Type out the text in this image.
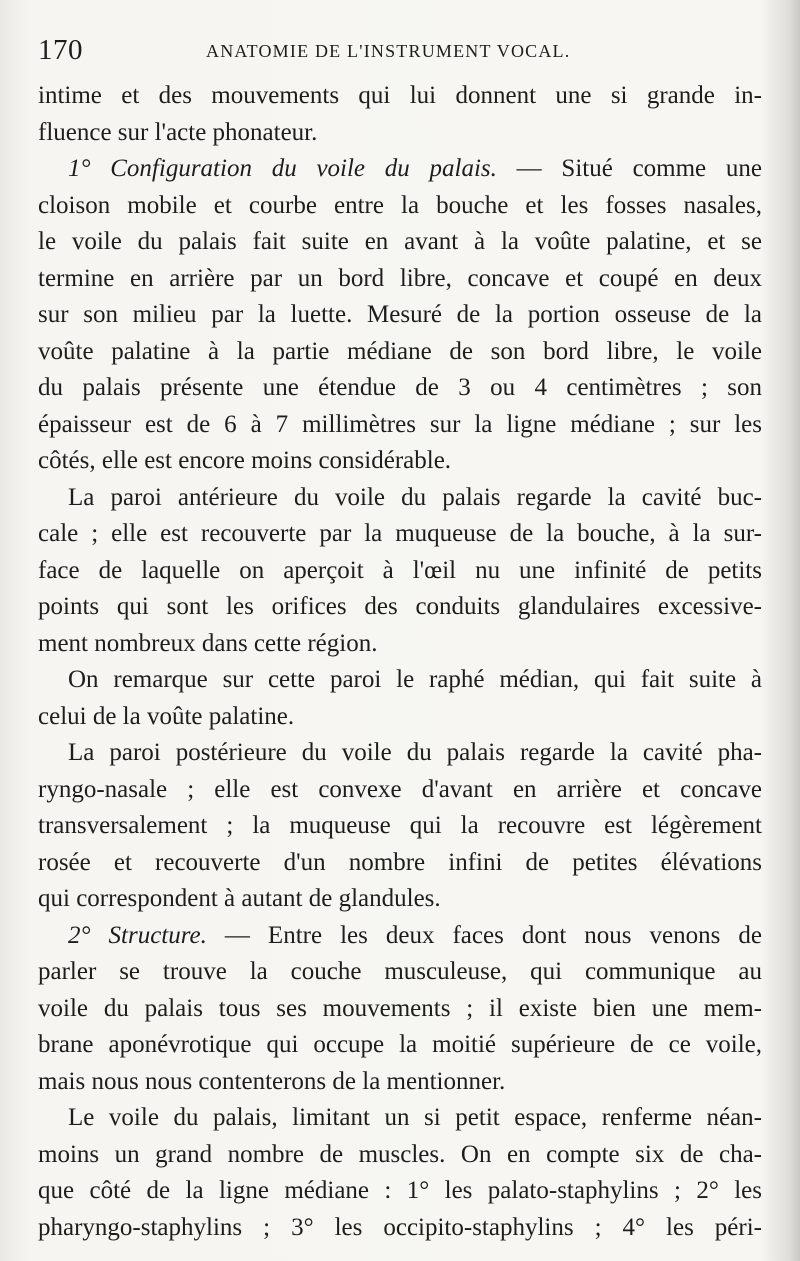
170	ANATOMIE DE L'INSTRUMENT VOCAL.
intime et des mouvements qui lui donnent une si grande in-
fluence sur l'acte phonateur.
1° Configuration du voile du palais. — Situé comme une
cloison mobile et courbe entre la bouche et les fosses nasales,
le voile du palais fait suite en avant à la voûte palatine, et se
termine en arrière par un bord libre, concave et coupé en deux
sur son milieu par la luette. Mesuré de la portion osseuse de la
voûte palatine à la partie médiane de son bord libre, le voile
du palais présente une étendue de 3 ou 4 centimètres ; son
épaisseur est de 6 à 7 millimètres sur la ligne médiane ; sur les
côtés, elle est encore moins considérable.
La paroi antérieure du voile du palais regarde la cavité buc-
cale ; elle est recouverte par la muqueuse de la bouche, à la sur-
face de laquelle on aperçoit à l'œil nu une infinité de petits
points qui sont les orifices des conduits glandulaires excessive-
ment nombreux dans cette région.
On remarque sur cette paroi le raphé médian, qui fait suite à
celui de la voûte palatine.
La paroi postérieure du voile du palais regarde la cavité pha-
ryngo-nasale ; elle est convexe d'avant en arrière et concave
transversalement ; la muqueuse qui la recouvre est légèrement
rosée et recouverte d'un nombre infini de petites élévations
qui correspondent à autant de glandules.
2° Structure. — Entre les deux faces dont nous venons de
parler se trouve la couche musculeuse, qui communique au
voile du palais tous ses mouvements ; il existe bien une mem-
brane aponévrotique qui occupe la moitié supérieure de ce voile,
mais nous nous contenterons de la mentionner.
Le voile du palais, limitant un si petit espace, renferme néan-
moins un grand nombre de muscles. On en compte six de cha-
que côté de la ligne médiane : 1° les palato-staphylins ; 2° les
pharyngo-staphylins ; 3° les occipito-staphylins ; 4° les péri-
